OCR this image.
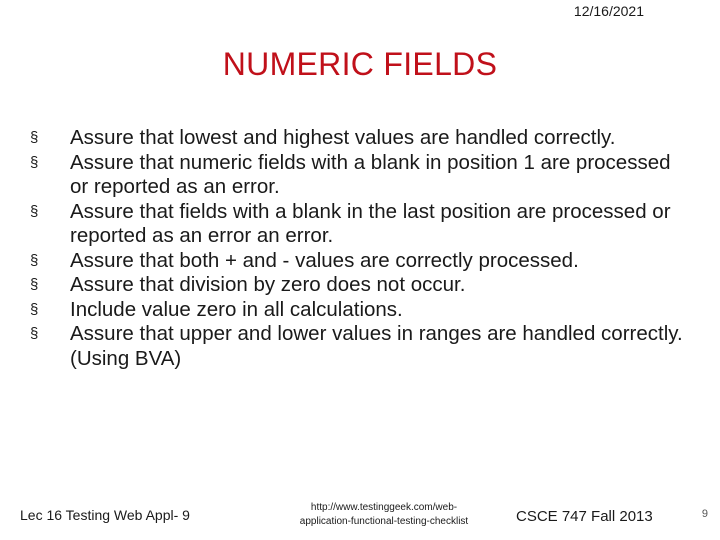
12/16/2021
NUMERIC FIELDS
§ Assure that lowest and highest values are handled correctly.
§ Assure that numeric fields with a blank in position 1 are processed or reported as an error.
§ Assure that fields with a blank in the last position are processed or reported as an error an error.
§ Assure that both + and - values are correctly processed.
§ Assure that division by zero does not occur.
§ Include value zero in all calculations.
§ Assure that upper and lower values in ranges are handled correctly. (Using BVA)
Lec 16 Testing Web Appl- 9	http://www.testinggeek.com/web-
application-functional-testing-checklist	CSCE 747 Fall 2013	9
